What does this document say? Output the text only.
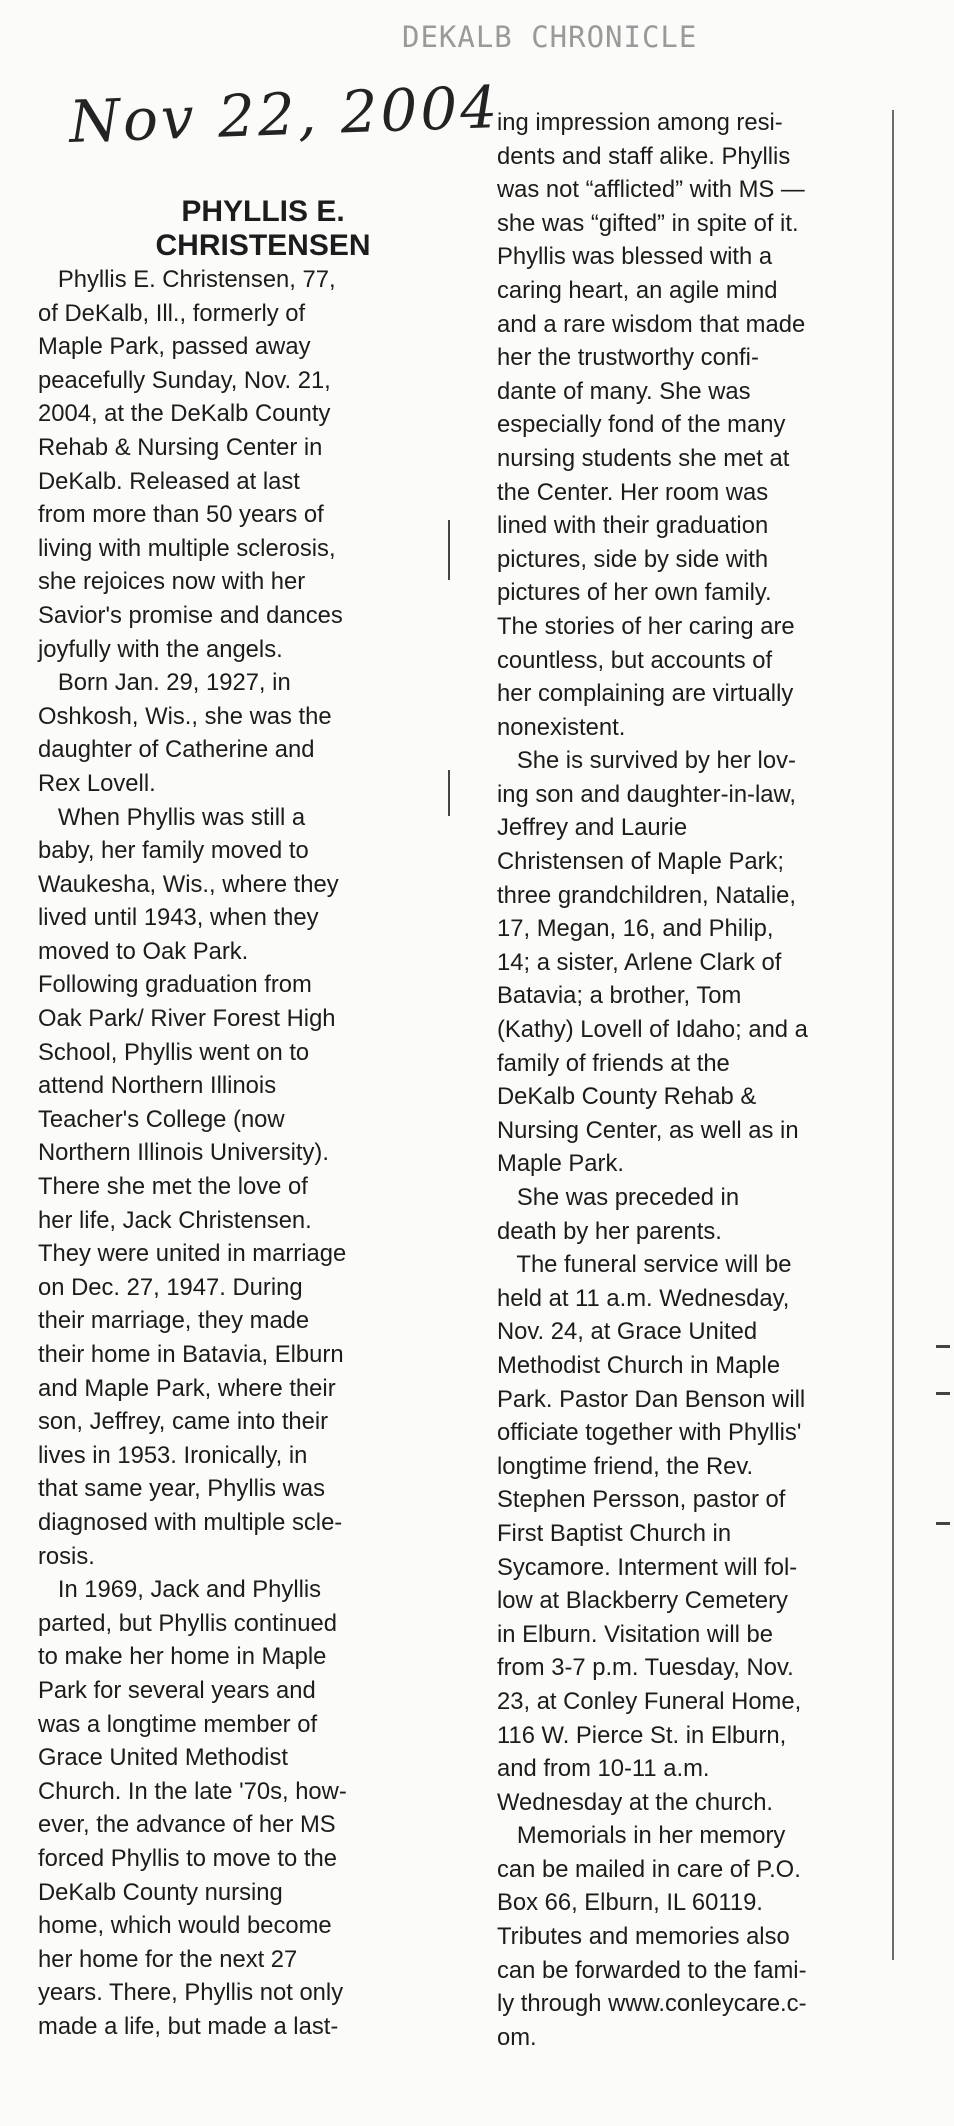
DEKALB CHRONICLE
Nov 22, 2004
PHYLLIS E.
CHRISTENSEN
Phyllis E. Christensen, 77,
of DeKalb, Ill., formerly of
Maple Park, passed away
peacefully Sunday, Nov. 21,
2004, at the DeKalb County
Rehab & Nursing Center in
DeKalb. Released at last
from more than 50 years of
living with multiple sclerosis,
she rejoices now with her
Savior's promise and dances
joyfully with the angels.
Born Jan. 29, 1927, in
Oshkosh, Wis., she was the
daughter of Catherine and
Rex Lovell.
When Phyllis was still a
baby, her family moved to
Waukesha, Wis., where they
lived until 1943, when they
moved to Oak Park.
Following graduation from
Oak Park/ River Forest High
School, Phyllis went on to
attend Northern Illinois
Teacher's College (now
Northern Illinois University).
There she met the love of
her life, Jack Christensen.
They were united in marriage
on Dec. 27, 1947. During
their marriage, they made
their home in Batavia, Elburn
and Maple Park, where their
son, Jeffrey, came into their
lives in 1953. Ironically, in
that same year, Phyllis was
diagnosed with multiple scle-
rosis.
In 1969, Jack and Phyllis
parted, but Phyllis continued
to make her home in Maple
Park for several years and
was a longtime member of
Grace United Methodist
Church. In the late '70s, how-
ever, the advance of her MS
forced Phyllis to move to the
DeKalb County nursing
home, which would become
her home for the next 27
years. There, Phyllis not only
made a life, but made a last-
ing impression among resi-
dents and staff alike. Phyllis
was not “afflicted” with MS —
she was “gifted” in spite of it.
Phyllis was blessed with a
caring heart, an agile mind
and a rare wisdom that made
her the trustworthy confi-
dante of many. She was
especially fond of the many
nursing students she met at
the Center. Her room was
lined with their graduation
pictures, side by side with
pictures of her own family.
The stories of her caring are
countless, but accounts of
her complaining are virtually
nonexistent.
She is survived by her lov-
ing son and daughter-in-law,
Jeffrey and Laurie
Christensen of Maple Park;
three grandchildren, Natalie,
17, Megan, 16, and Philip,
14; a sister, Arlene Clark of
Batavia; a brother, Tom
(Kathy) Lovell of Idaho; and a
family of friends at the
DeKalb County Rehab &
Nursing Center, as well as in
Maple Park.
She was preceded in
death by her parents.
The funeral service will be
held at 11 a.m. Wednesday,
Nov. 24, at Grace United
Methodist Church in Maple
Park. Pastor Dan Benson will
officiate together with Phyllis'
longtime friend, the Rev.
Stephen Persson, pastor of
First Baptist Church in
Sycamore. Interment will fol-
low at Blackberry Cemetery
in Elburn. Visitation will be
from 3-7 p.m. Tuesday, Nov.
23, at Conley Funeral Home,
116 W. Pierce St. in Elburn,
and from 10-11 a.m.
Wednesday at the church.
Memorials in her memory
can be mailed in care of P.O.
Box 66, Elburn, IL 60119.
Tributes and memories also
can be forwarded to the fami-
ly through www.conleycare.c-
om.
